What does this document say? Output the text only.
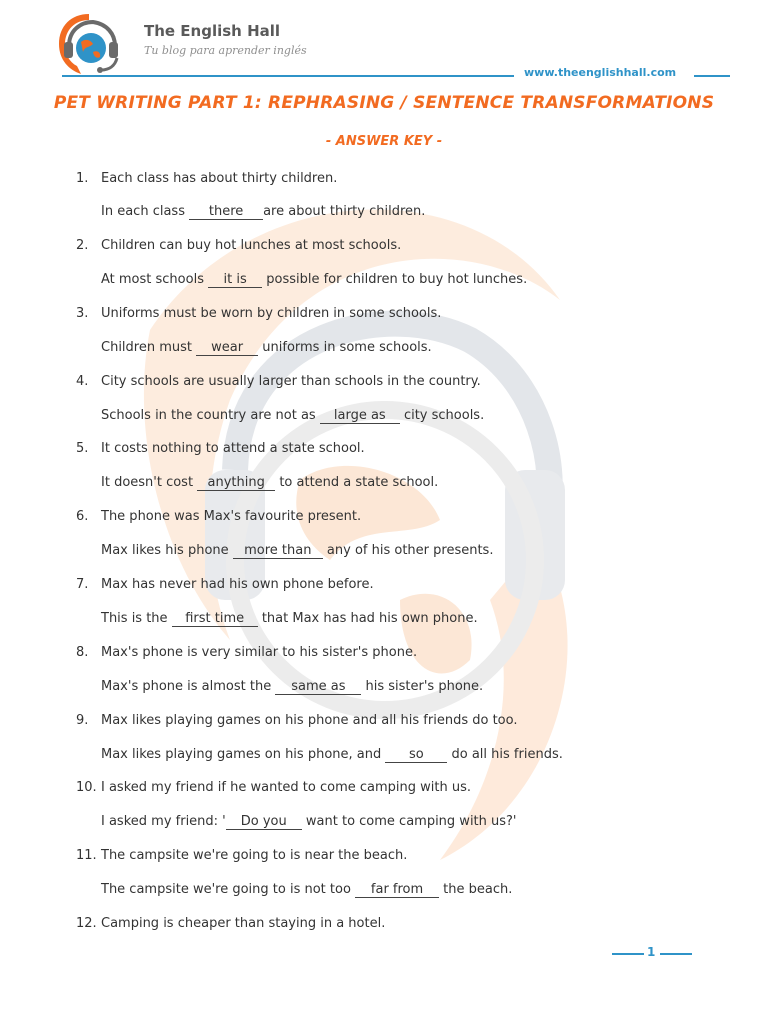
The English Hall
Tu blog para aprender inglés
www.theenglishhall.com
PET WRITING PART 1: REPHRASING / SENTENCE TRANSFORMATIONS
- ANSWER KEY -
1. Each class has about thirty children.
In each class there are about thirty children.
2. Children can buy hot lunches at most schools.
At most schools it is possible for children to buy hot lunches.
3. Uniforms must be worn by children in some schools.
Children must wear uniforms in some schools.
4. City schools are usually larger than schools in the country.
Schools in the country are not as large as city schools.
5. It costs nothing to attend a state school.
It doesn't cost anything to attend a state school.
6. The phone was Max's favourite present.
Max likes his phone more than any of his other presents.
7. Max has never had his own phone before.
This is the first time that Max has had his own phone.
8. Max's phone is very similar to his sister's phone.
Max's phone is almost the same as his sister's phone.
9. Max likes playing games on his phone and all his friends do too.
Max likes playing games on his phone, and so do all his friends.
10. I asked my friend if he wanted to come camping with us.
I asked my friend: ' Do you want to come camping with us?'
11. The campsite we're going to is near the beach.
The campsite we're going to is not too far from the beach.
12. Camping is cheaper than staying in a hotel.
1
